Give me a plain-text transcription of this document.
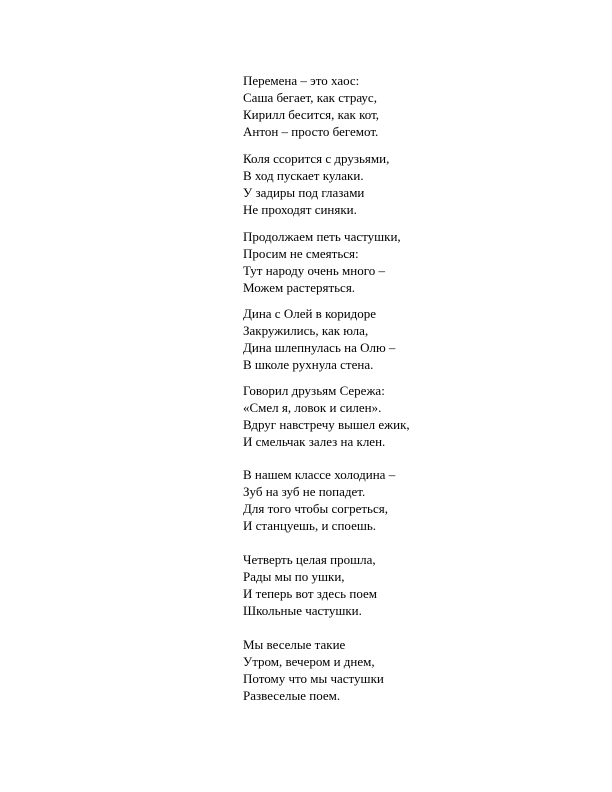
Перемена – это хаос:
Саша бегает, как страус,
Кирилл бесится, как кот,
Антон – просто бегемот.
Коля ссорится с друзьями,
В ход пускает кулаки.
У задиры под глазами
Не проходят синяки.
Продолжаем петь частушки,
Просим не смеяться:
Тут народу очень много –
Можем растеряться.
Дина с Олей в коридоре
Закружились, как юла,
Дина шлепнулась на Олю –
В школе рухнула стена.
Говорил друзьям Сережа:
«Смел я, ловок и силен».
Вдруг навстречу вышел ежик,
И смельчак залез на клен.
В нашем классе холодина –
Зуб на зуб не попадет.
Для того чтобы согреться,
И станцуешь, и споешь.
Четверть целая прошла,
Рады мы по ушки,
И теперь вот здесь поем
Школьные частушки.
Мы веселые такие
Утром, вечером и днем,
Потому что мы частушки
Развеселые поем.
